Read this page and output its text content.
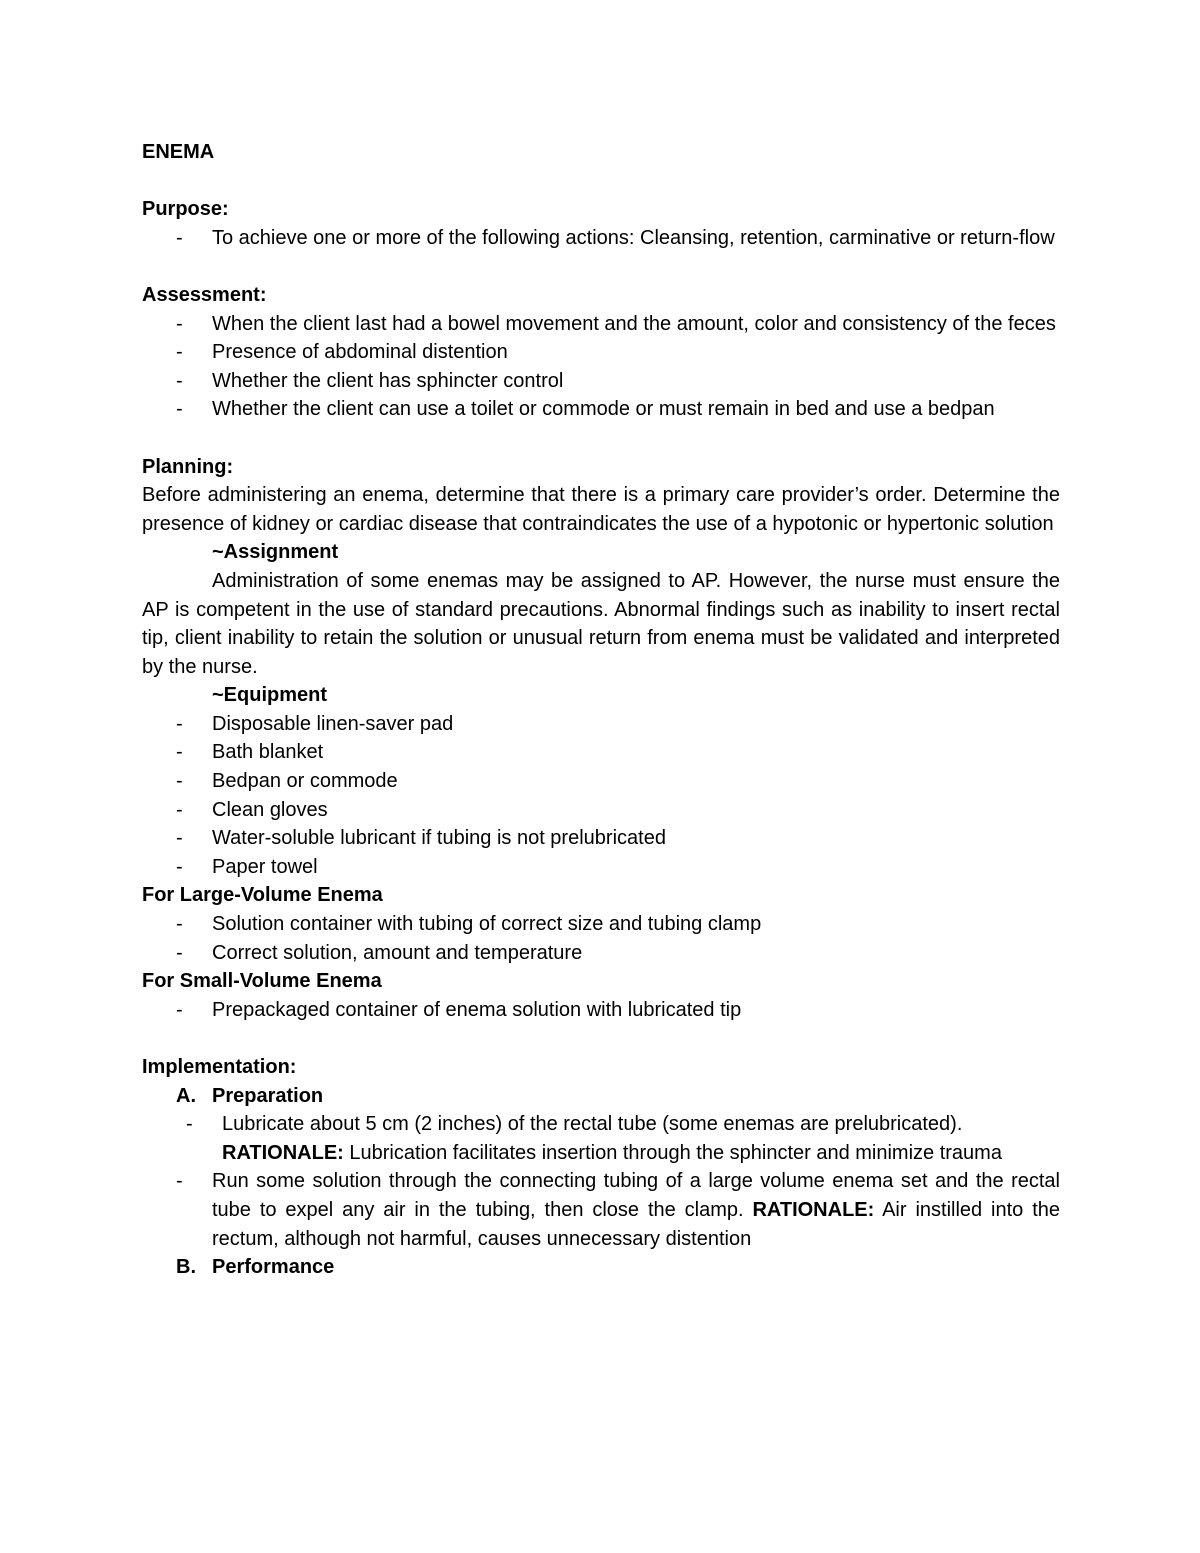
ENEMA

Purpose:

- To achieve one or more of the following actions: Cleansing, retention, carminative or return-flow

Assessment:

- When the client last had a bowel movement and the amount, color and consistency of the feces
- Presence of abdominal distention
- Whether the client has sphincter control
- Whether the client can use a toilet or commode or must remain in bed and use a bedpan

Planning:

Before administering an enema, determine that there is a primary care provider’s order. Determine the presence of kidney or cardiac disease that contraindicates the use of a hypotonic or hypertonic solution

~Assignment

Administration of some enemas may be assigned to AP. However, the nurse must ensure the AP is competent in the use of standard precautions. Abnormal findings such as inability to insert rectal tip, client inability to retain the solution or unusual return from enema must be validated and interpreted by the nurse.

~Equipment

- Disposable linen-saver pad
- Bath blanket
- Bedpan or commode
- Clean gloves
- Water-soluble lubricant if tubing is not prelubricated
- Paper towel

For Large-Volume Enema

- Solution container with tubing of correct size and tubing clamp
- Correct solution, amount and temperature

For Small-Volume Enema

- Prepackaged container of enema solution with lubricated tip

Implementation:

A. Preparation

- Lubricate about 5 cm (2 inches) of the rectal tube (some enemas are prelubricated).
RATIONALE: Lubrication facilitates insertion through the sphincter and minimize trauma

- Run some solution through the connecting tubing of a large volume enema set and the rectal tube to expel any air in the tubing, then close the clamp. RATIONALE: Air instilled into the rectum, although not harmful, causes unnecessary distention

B. Performance
